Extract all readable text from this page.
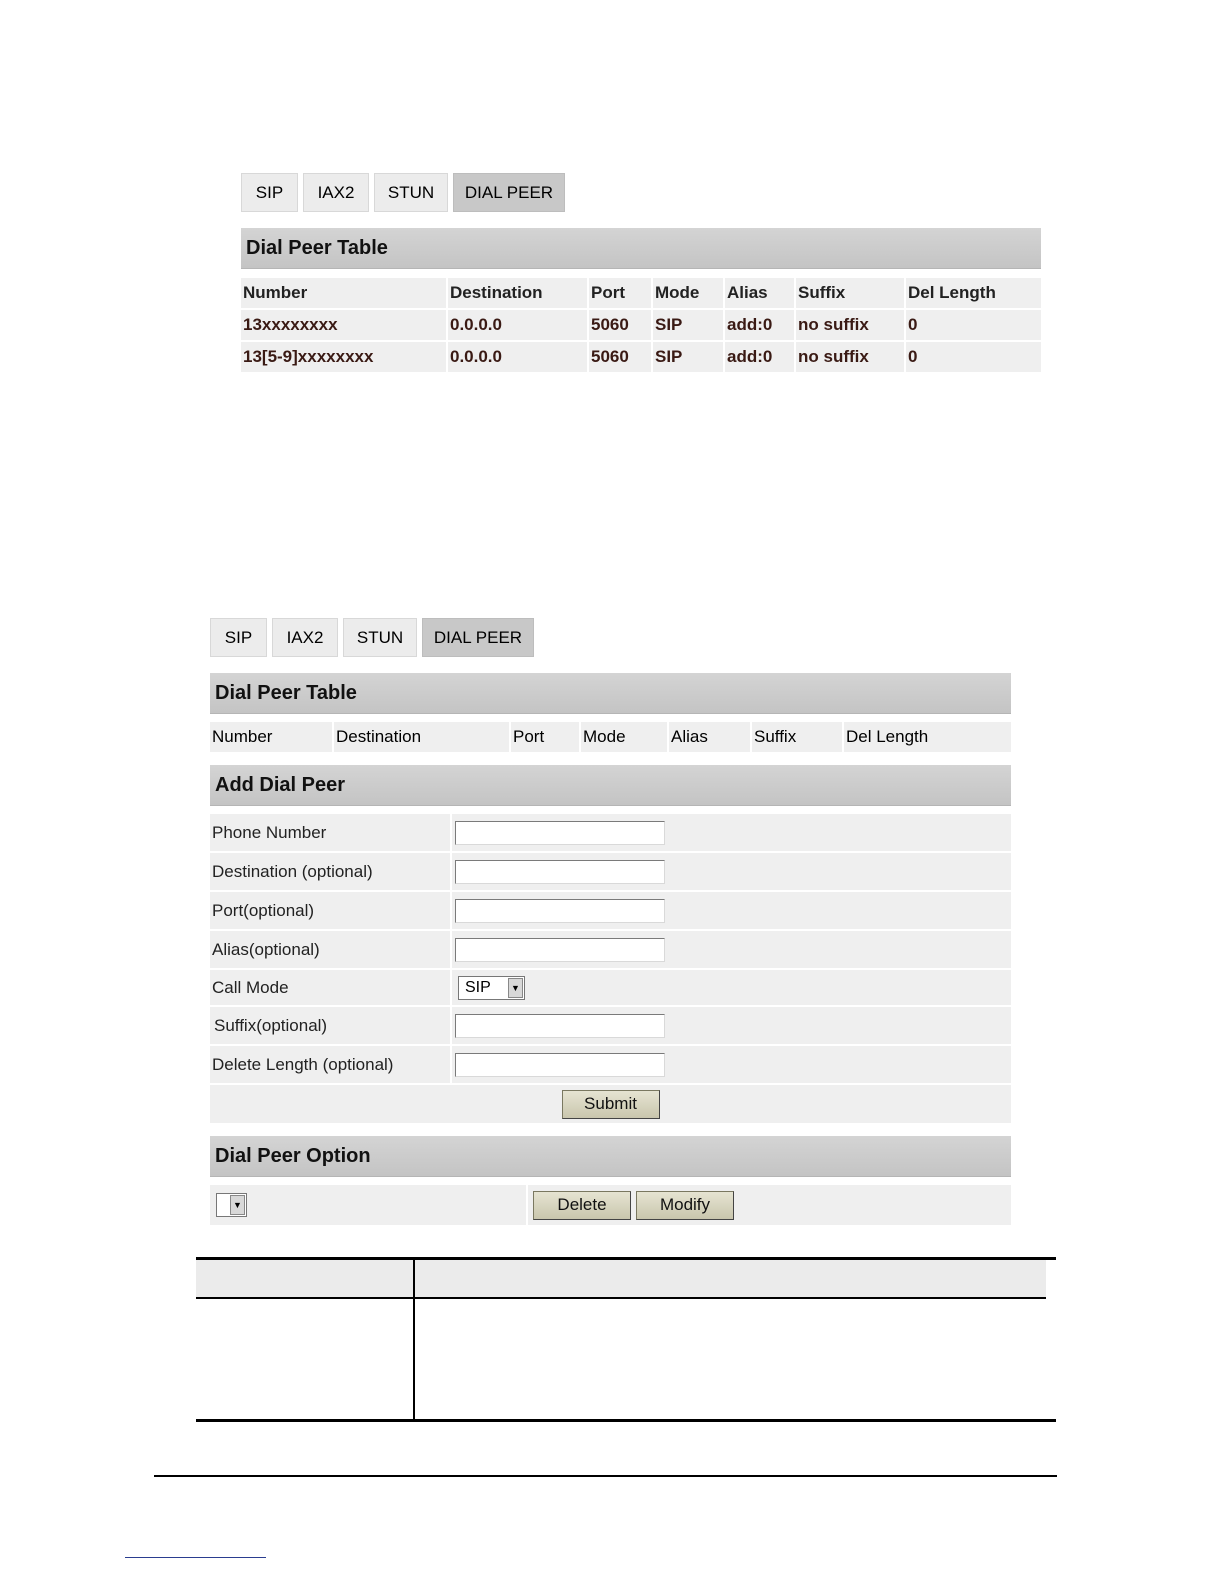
SIP	IAX2	STUN	DIAL PEER
Dial Peer Table
Number	Destination	Port	Mode	Alias	Suffix	Del Length
13xxxxxxxx	0.0.0.0	5060	SIP	add:0	no suffix	0
13[5-9]xxxxxxxx	0.0.0.0	5060	SIP	add:0	no suffix	0
SIP	IAX2	STUN	DIAL PEER
Dial Peer Table
Number	Destination	Port	Mode	Alias	Suffix	Del Length
Add Dial Peer
Phone Number
Destination (optional)
Port(optional)
Alias(optional)
Call Mode	SIP	▼
Suffix(optional)
Delete Length (optional)
Submit
Dial Peer Option
▼	Delete	Modify
